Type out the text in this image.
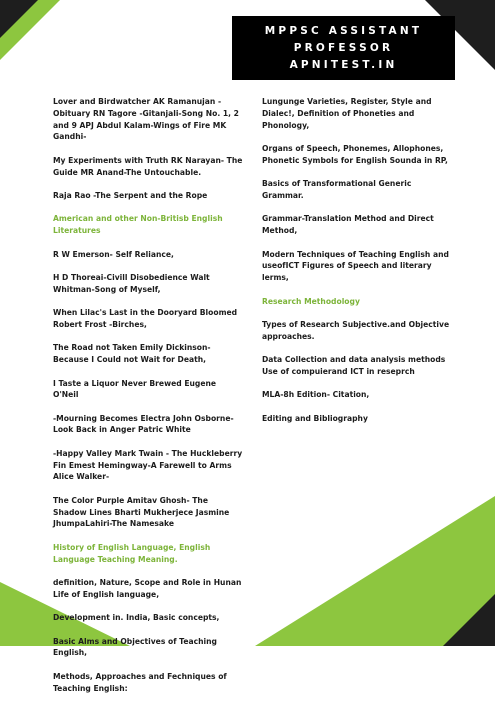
MPPSC ASSISTANT
PROFESSOR
APNITEST.IN
Lover and Birdwatcher AK Ramanujan - Obituary RN Tagore -Gitanjali-Song No. 1, 2 and 9 APJ Abdul Kalam-Wings of Fire MK Gandhi-
My Experiments with Truth RK Narayan- The Guide MR Anand-The Untouchable.
Raja Rao -The Serpent and the Rope
American and other Non-Britisb English Literatures
R W Emerson- Self Reliance,
H D Thoreai-Civill Disobedience Walt Whitman-Song of Myself,
When Lilac's Last in the Dooryard Bloomed Robert Frost -Birches,
The Road not Taken Emily Dickinson- Because I Could not Wait for Death,
I Taste a Liquor Never Brewed Eugene O'Neil
-Mourning Becomes Electra John Osborne- Look Back in Anger Patric White
-Happy Valley Mark Twain - The Huckleberry Fin Emest Hemingway-A Farewell to Arms Alice Walker-
The Color Purple Amitav Ghosh- The Shadow Lines Bharti Mukherjece Jasmine JhumpaLahiri-The Namesake
History of English Language, English Language Teaching Meaning.
definition, Nature, Scope and Role in Hunan Life of English language,
Development in. India, Basic concepts,
Basic Alms and Objectives of Teaching English,
Methods, Approaches and Fechniques of Teaching English:
Lungunge Varieties, Register, Style and Dialec!, Definition of Phoneties and Phonology,
Organs of Speech, Phonemes, Allophones, Phonetic Symbols for English Sounda in RP,
Basics of Transformational Generic Grammar.
Grammar-Translation Method and Direct Method,
Modern Techniques of Teaching English and useofICT Figures of Speech and literary lerms,
Research Methodology
Types of Research Subjective.and Objective approaches.
Data Collection and data analysis methods Use of compuierand ICT in reseprch
MLA-8h Edition- Citation,
Editing and Bibliography
